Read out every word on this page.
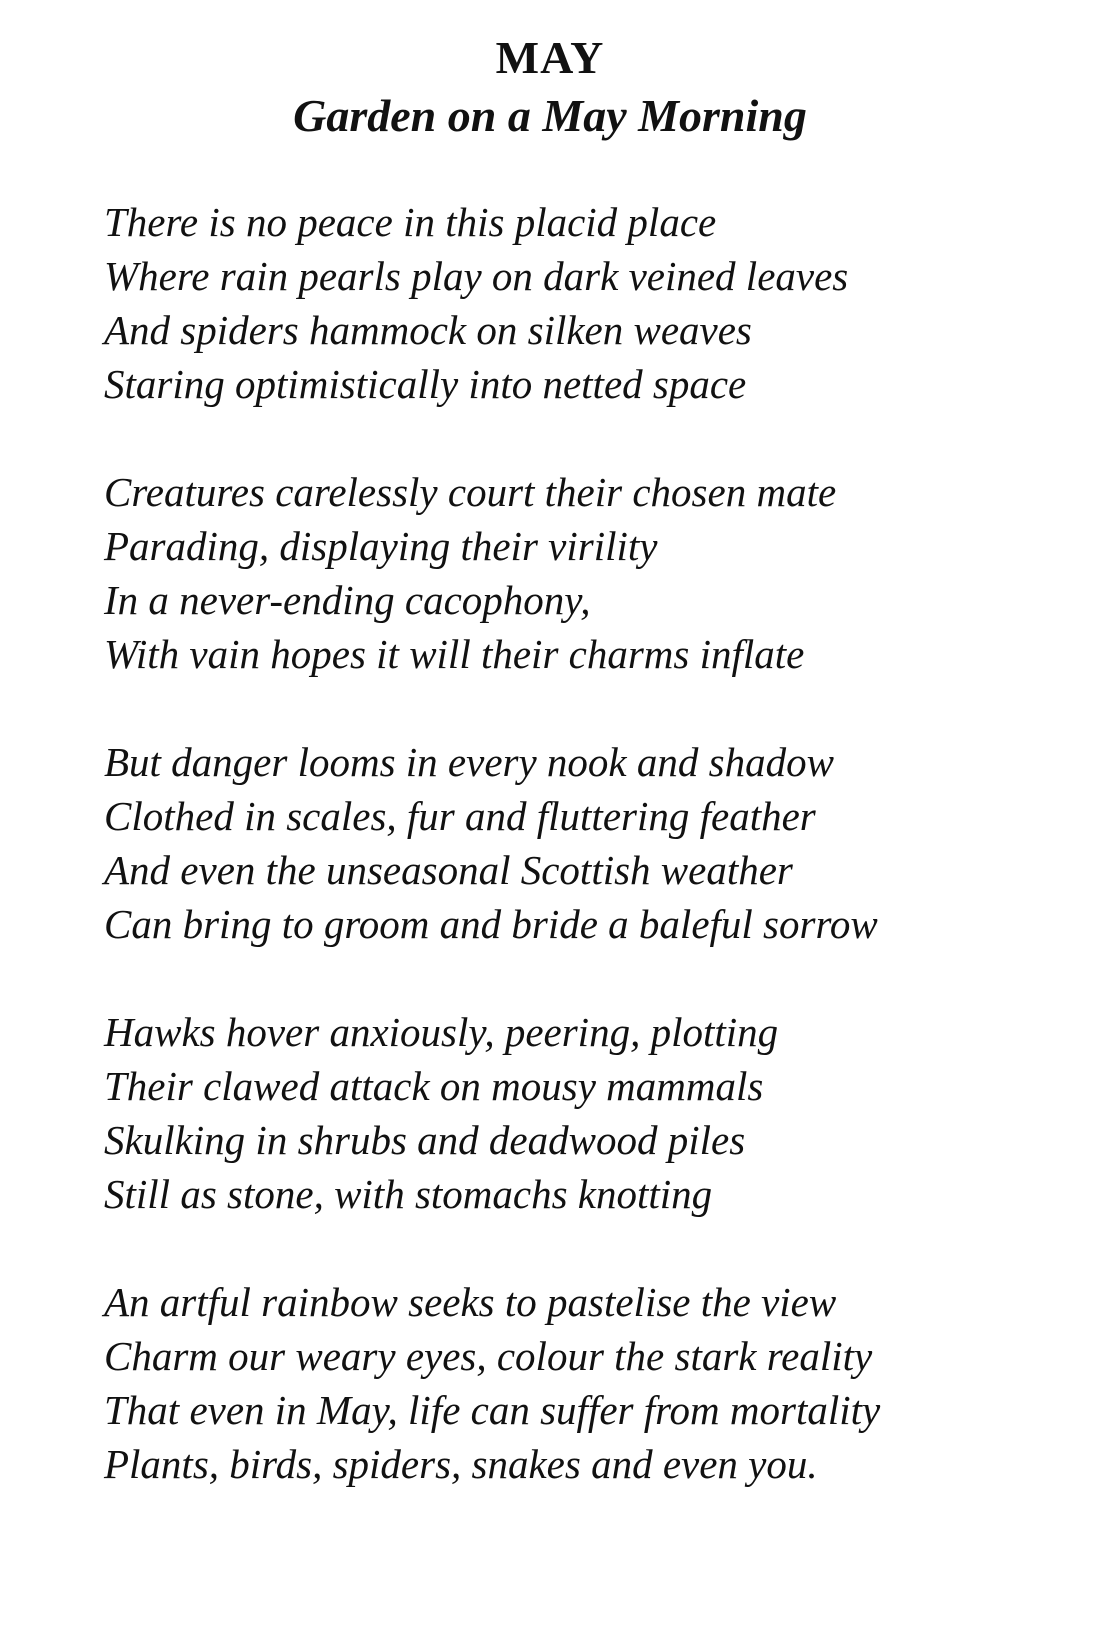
MAY
Garden on a May Morning
There is no peace in this placid place
Where rain pearls play on dark veined leaves
And spiders hammock on silken weaves
Staring optimistically into netted space
Creatures carelessly court their chosen mate
Parading, displaying their virility
In a never-ending cacophony,
With vain hopes it will their charms inflate
But danger looms in every nook and shadow
Clothed in scales, fur and fluttering feather
And even the unseasonal Scottish weather
Can bring to groom and bride a baleful sorrow
Hawks hover anxiously, peering, plotting
Their clawed attack on mousy mammals
Skulking in shrubs and deadwood piles
Still as stone, with stomachs knotting
An artful rainbow seeks to pastelise the view
Charm our weary eyes, colour the stark reality
That even in May, life can suffer from mortality
Plants, birds, spiders, snakes and even you.
